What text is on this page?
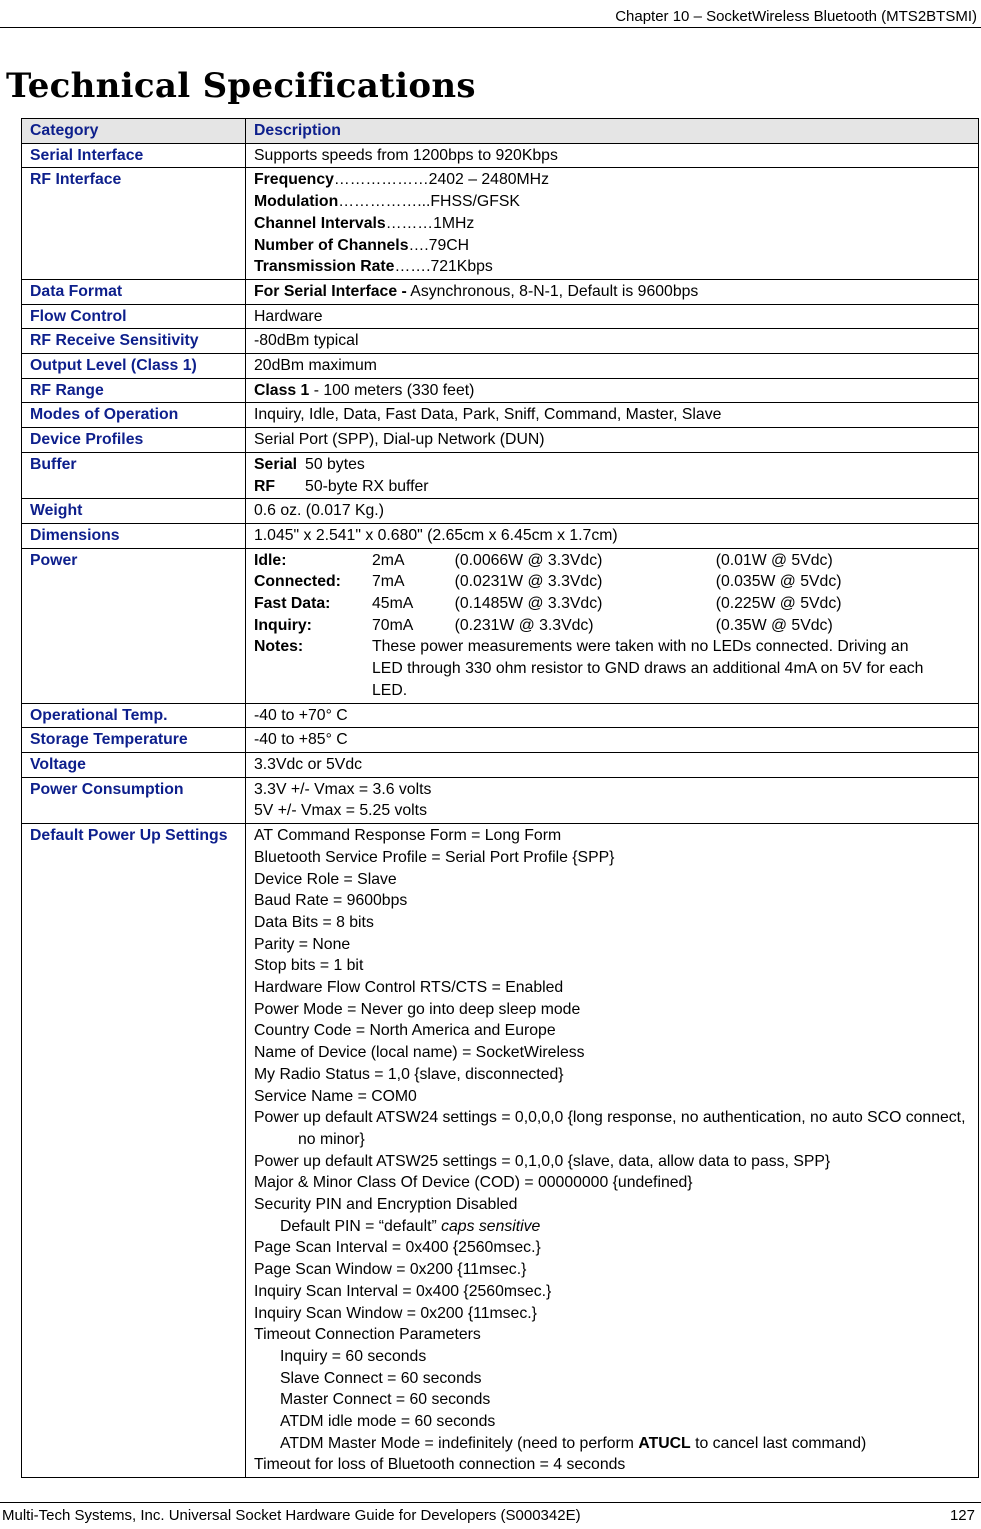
Chapter 10 – SocketWireless Bluetooth (MTS2BTSMI)
Technical Specifications
Category	Description
Serial Interface	Supports speeds from 1200bps to 920Kbps
RF Interface	Frequency………………2402 – 2480MHz
Modulation……………...FHSS/GFSK
Channel Intervals………1MHz
Number of Channels….79CH
Transmission Rate…….721Kbps

Data Format	For Serial Interface - Asynchronous, 8-N-1, Default is 9600bps
Flow Control	Hardware
RF Receive Sensitivity	-80dBm typical
Output Level (Class 1)	20dBm maximum
RF Range	Class 1 - 100 meters (330 feet)
Modes of Operation	Inquiry, Idle, Data, Fast Data, Park, Sniff, Command, Master, Slave
Device Profiles	Serial Port (SPP), Dial-up Network (DUN)
Buffer		Serial	50 bytes
RF	50-byte RX buffer

Weight	0.6 oz. (0.017 Kg.)
Dimensions	1.045" x 2.541" x 0.680" (2.65cm x 6.45cm x 1.7cm)
Power		Idle:	2mA	(0.0066W @ 3.3Vdc)	(0.01W @ 5Vdc)
Connected:	7mA	(0.0231W @ 3.3Vdc)	(0.035W @ 5Vdc)
Fast Data:	45mA	(0.1485W @ 3.3Vdc)	(0.225W @ 5Vdc)
Inquiry:	70mA	(0.231W @ 3.3Vdc)	(0.35W @ 5Vdc)
Notes:	These power measurements were taken with no LEDs connected. Driving an LED through 330 ohm resistor to GND draws an additional 4mA on 5V for each LED.

Operational Temp.	-40 to +70° C
Storage Temperature	-40 to +85° C
Voltage	3.3Vdc or 5Vdc
Power Consumption	3.3V +/- Vmax = 3.6 volts
5V +/- Vmax = 5.25 volts

Default Power Up Settings	AT Command Response Form = Long Form
Bluetooth Service Profile = Serial Port Profile {SPP}
Device Role = Slave
Baud Rate = 9600bps
Data Bits = 8 bits
Parity = None
Stop bits = 1 bit
Hardware Flow Control RTS/CTS = Enabled
Power Mode = Never go into deep sleep mode
Country Code = North America and Europe
Name of Device (local name) = SocketWireless
My Radio Status = 1,0 {slave, disconnected}
Service Name = COM0
Power up default ATSW24 settings = 0,0,0,0 {long response, no authentication, no auto SCO connect, no minor}
Power up default ATSW25 settings = 0,1,0,0 {slave, data, allow data to pass, SPP}
Major & Minor Class Of Device (COD) = 00000000 {undefined}
Security PIN and Encryption Disabled
Default PIN = “default” caps sensitive
Page Scan Interval = 0x400 {2560msec.}
Page Scan Window = 0x200 {11msec.}
Inquiry Scan Interval = 0x400 {2560msec.}
Inquiry Scan Window = 0x200 {11msec.}
Timeout Connection Parameters
Inquiry = 60 seconds
Slave Connect = 60 seconds
Master Connect = 60 seconds
ATDM idle mode = 60 seconds
ATDM Master Mode = indefinitely (need to perform ATUCL to cancel last command)
Timeout for loss of Bluetooth connection = 4 seconds
Multi-Tech Systems, Inc. Universal Socket Hardware Guide for Developers (S000342E)	127
